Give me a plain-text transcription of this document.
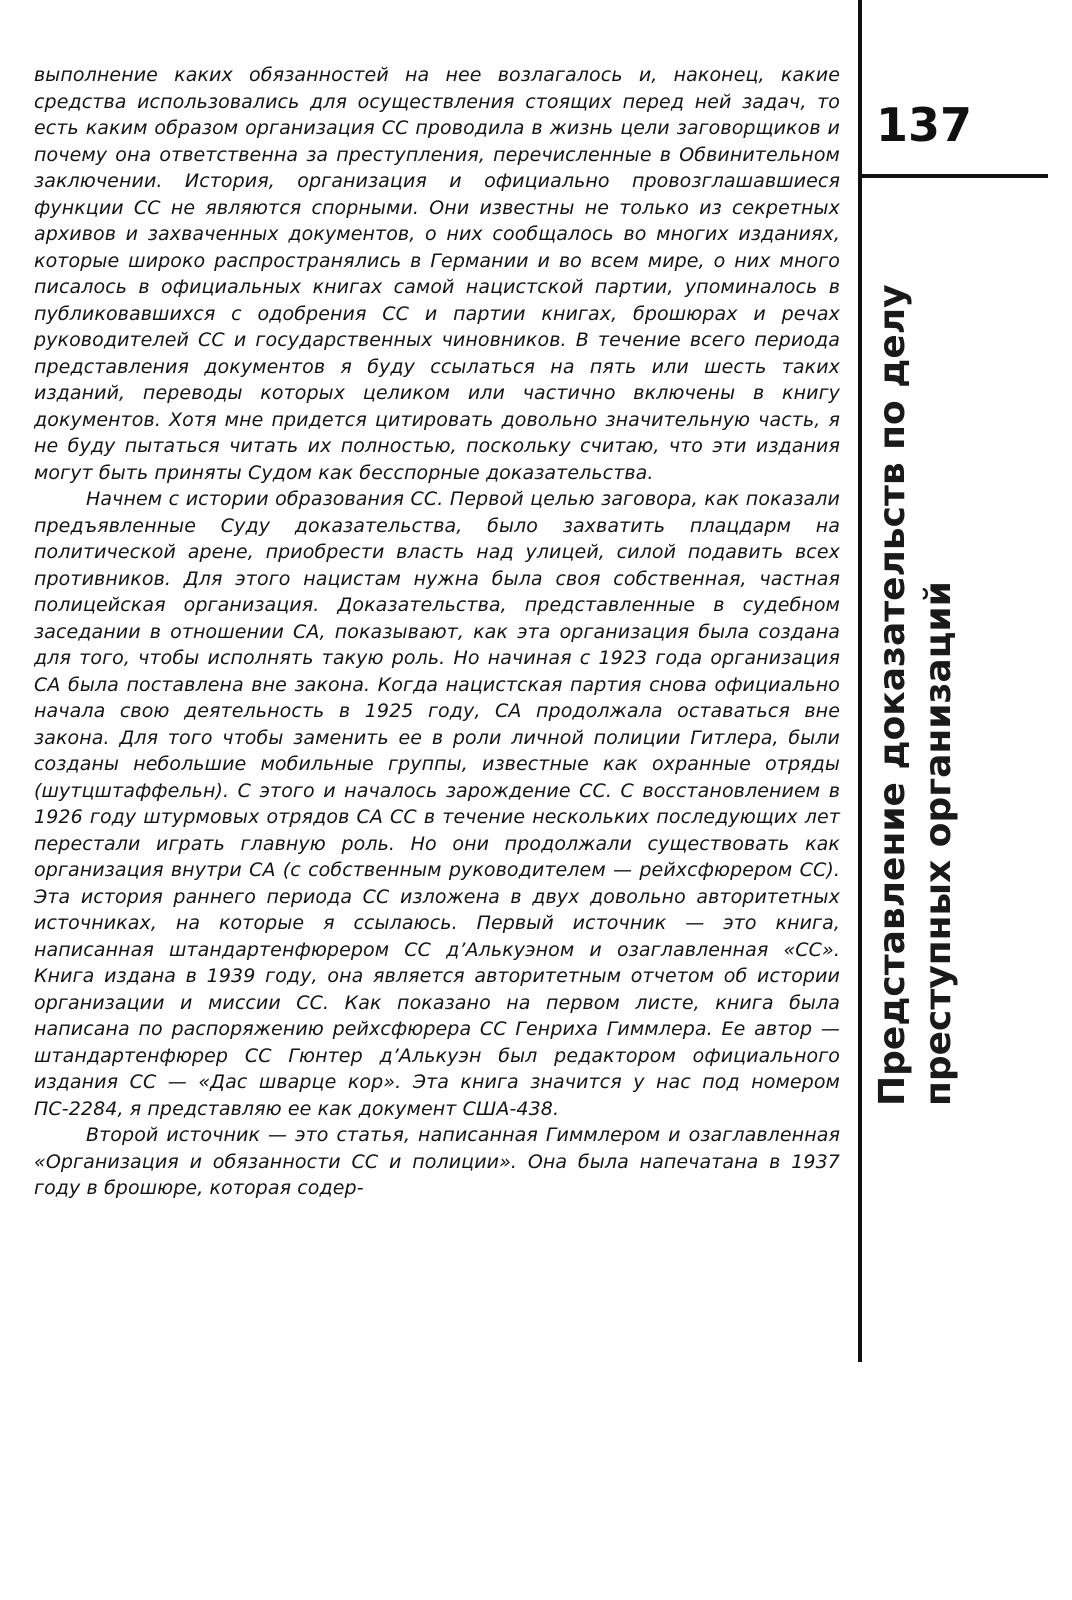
выполнение каких обязанностей на нее возлагалось и, наконец, какие средства использовались для осуществления стоящих перед ней задач, то есть каким образом организация СС проводила в жизнь цели заговорщиков и почему она ответственна за преступления, перечисленные в Обвинительном заключении. История, организация и официально провозглашавшиеся функции СС не являются спорными. Они известны не только из секретных архивов и захваченных документов, о них сообщалось во многих изданиях, которые широко распространялись в Германии и во всем мире, о них много писалось в официальных книгах самой нацистской партии, упоминалось в публиковавшихся с одобрения СС и партии книгах, брошюрах и речах руководителей СС и государственных чиновников. В течение всего периода представления документов я буду ссылаться на пять или шесть таких изданий, переводы которых целиком или частично включены в книгу документов. Хотя мне придется цитировать довольно значительную часть, я не буду пытаться читать их полностью, поскольку считаю, что эти издания могут быть приняты Судом как бесспорные доказательства.

Начнем с истории образования СС. Первой целью заговора, как показали предъявленные Суду доказательства, было захватить плацдарм на политической арене, приобрести власть над улицей, силой подавить всех противников. Для этого нацистам нужна была своя собственная, частная полицейская организация. Доказательства, представленные в судебном заседании в отношении СА, показывают, как эта организация была создана для того, чтобы исполнять такую роль. Но начиная с 1923 года организация СА была поставлена вне закона. Когда нацистская партия снова официально начала свою деятельность в 1925 году, СА продолжала оставаться вне закона. Для того чтобы заменить ее в роли личной полиции Гитлера, были созданы небольшие мобильные группы, известные как охранные отряды (шутцштаффельн). С этого и началось зарождение СС. С восстановлением в 1926 году штурмовых отрядов СА СС в течение нескольких последующих лет перестали играть главную роль. Но они продолжали существовать как организация внутри СА (с собственным руководителем — рейхсфюрером СС). Эта история раннего периода СС изложена в двух довольно авторитетных источниках, на которые я ссылаюсь. Первый источник — это книга, написанная штандартенфюрером СС д’Алькуэном и озаглавленная «СС». Книга издана в 1939 году, она является авторитетным отчетом об истории организации и миссии СС. Как показано на первом листе, книга была написана по распоряжению рейхсфюрера СС Генриха Гиммлера. Ее автор — штандартенфюрер СС Гюнтер д’Алькуэн был редактором официального издания СС — «Дас шварце кор». Эта книга значится у нас под номером ПС-2284, я представляю ее как документ США-438.

Второй источник — это статья, написанная Гиммлером и озаглавленная «Организация и обязанности СС и полиции». Она была напечатана в 1937 году в брошюре, которая содер-

137
Представление доказательств по делу преступных организаций
